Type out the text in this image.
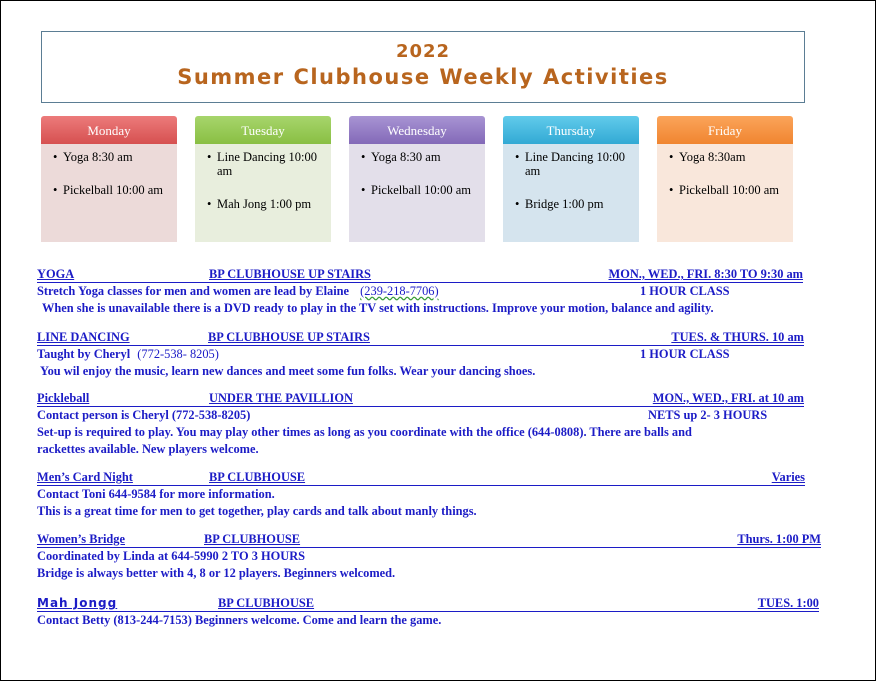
2022
Summer Clubhouse Weekly Activities
Monday
• Yoga 8:30 am
• Pickelball 10:00 am
Tuesday
• Line Dancing 10:00 am
• Mah Jong 1:00 pm
Wednesday
• Yoga 8:30 am
• Pickelball 10:00 am
Thursday
• Line Dancing 10:00 am
• Bridge 1:00 pm
Friday
• Yoga 8:30am
• Pickelball 10:00 am
YOGA	BP CLUBHOUSE UP STAIRS	MON., WED., FRI. 8:30 TO 9:30 am
Stretch Yoga classes for men and women are lead by Elaine (239-218-7706)	1 HOUR CLASS
When she is unavailable there is a DVD ready to play in the TV set with instructions. Improve your motion, balance and agility.
LINE DANCING	BP CLUBHOUSE UP STAIRS	TUES. & THURS. 10 am
Taught by Cheryl (772-538- 8205)	1 HOUR CLASS
You wil enjoy the music, learn new dances and meet some fun folks. Wear your dancing shoes.
Pickleball	UNDER THE PAVILLION	MON., WED., FRI. at 10 am
Contact person is Cheryl (772-538-8205)	NETS up 2- 3 HOURS
Set-up is required to play. You may play other times as long as you coordinate with the office (644-0808). There are balls and
rackettes available. New players welcome.
Men’s Card Night	BP CLUBHOUSE	Varies
Contact Toni 644-9584 for more information.
This is a great time for men to get together, play cards and talk about manly things.
Women’s Bridge	BP CLUBHOUSE	Thurs. 1:00 PM
Coordinated by Linda at 644-5990 2 TO 3 HOURS
Bridge is always better with 4, 8 or 12 players. Beginners welcomed.
Mah Jongg	BP CLUBHOUSE	TUES. 1:00
Contact Betty (813-244-7153) Beginners welcome. Come and learn the game.
